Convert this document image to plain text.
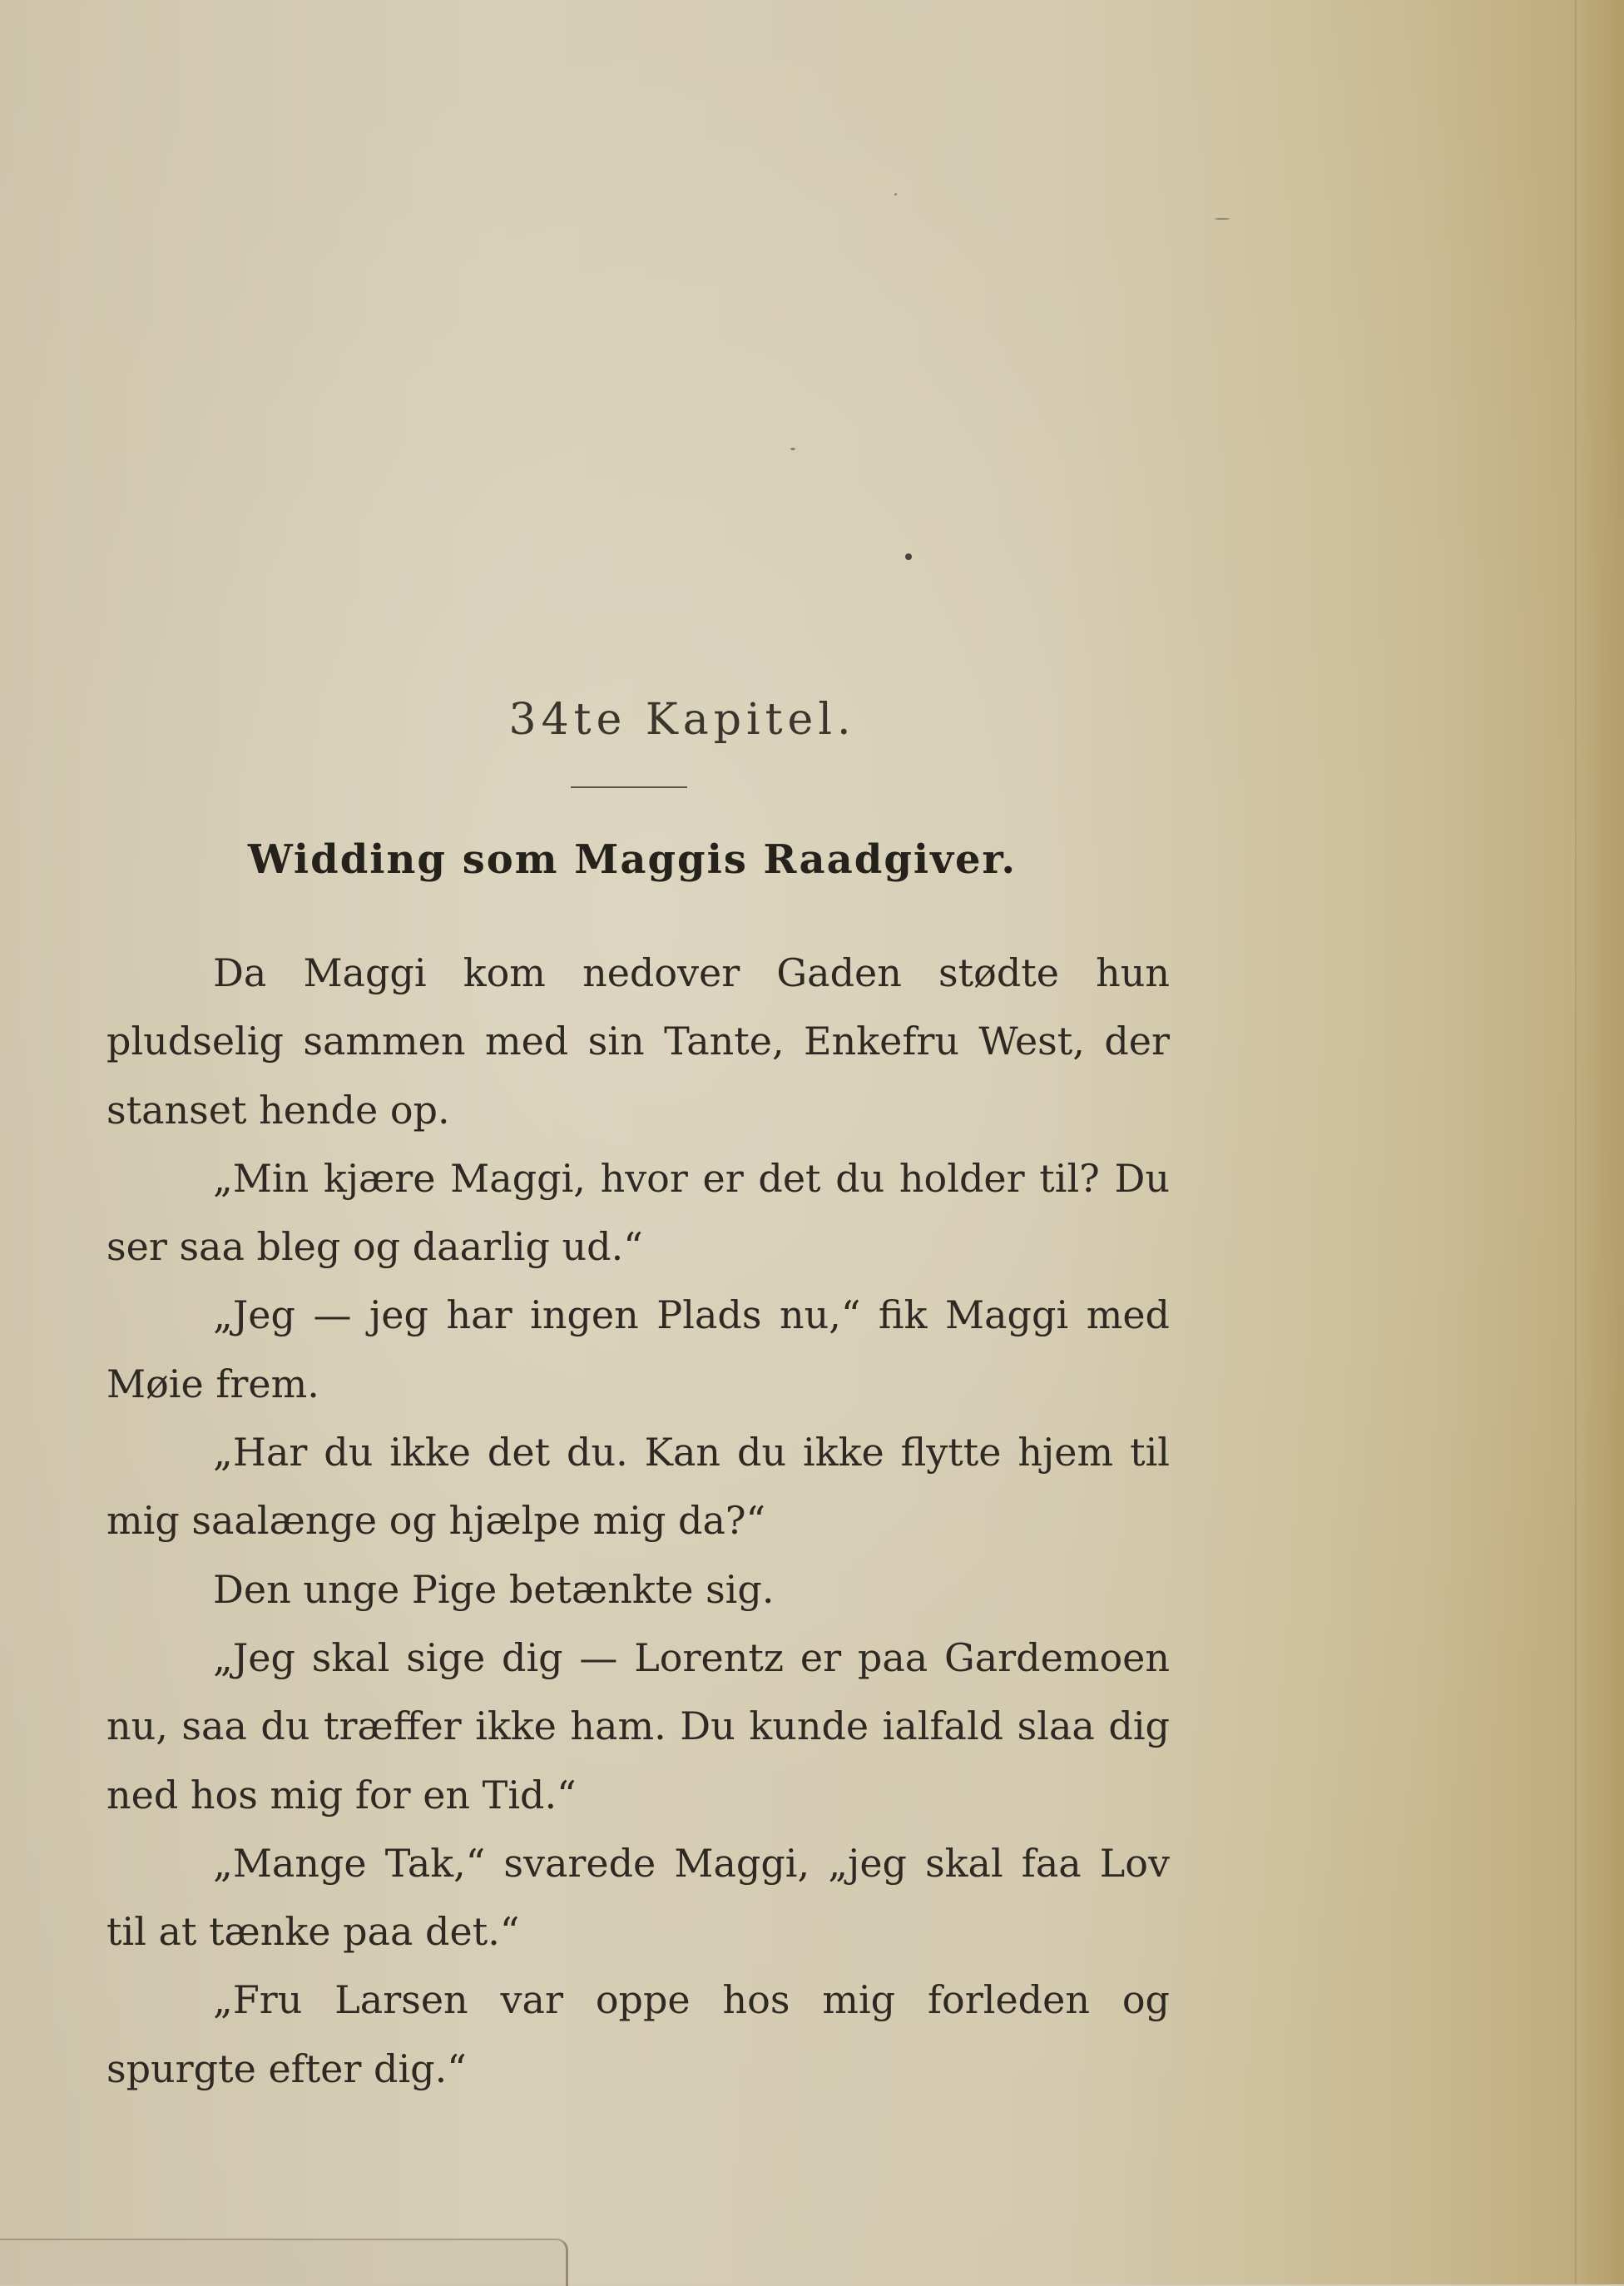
34te Kapitel.
Widding som Maggis Raadgiver.

Da Maggi kom nedover Gaden stødte hun pludselig sammen med sin Tante, Enkefru West, der stanset hende op.

„Min kjære Maggi, hvor er det du holder til? Du ser saa bleg og daarlig ud.“

„Jeg — jeg har ingen Plads nu,“ fik Maggi med Møie frem.

„Har du ikke det du. Kan du ikke flytte hjem til mig saalænge og hjælpe mig da?“

Den unge Pige betænkte sig.

„Jeg skal sige dig — Lorentz er paa Gardemoen nu, saa du træffer ikke ham. Du kunde ialfald slaa dig ned hos mig for en Tid.“

„Mange Tak,“ svarede Maggi, „jeg skal faa Lov til at tænke paa det.“

„Fru Larsen var oppe hos mig forleden og spurgte efter dig.“
